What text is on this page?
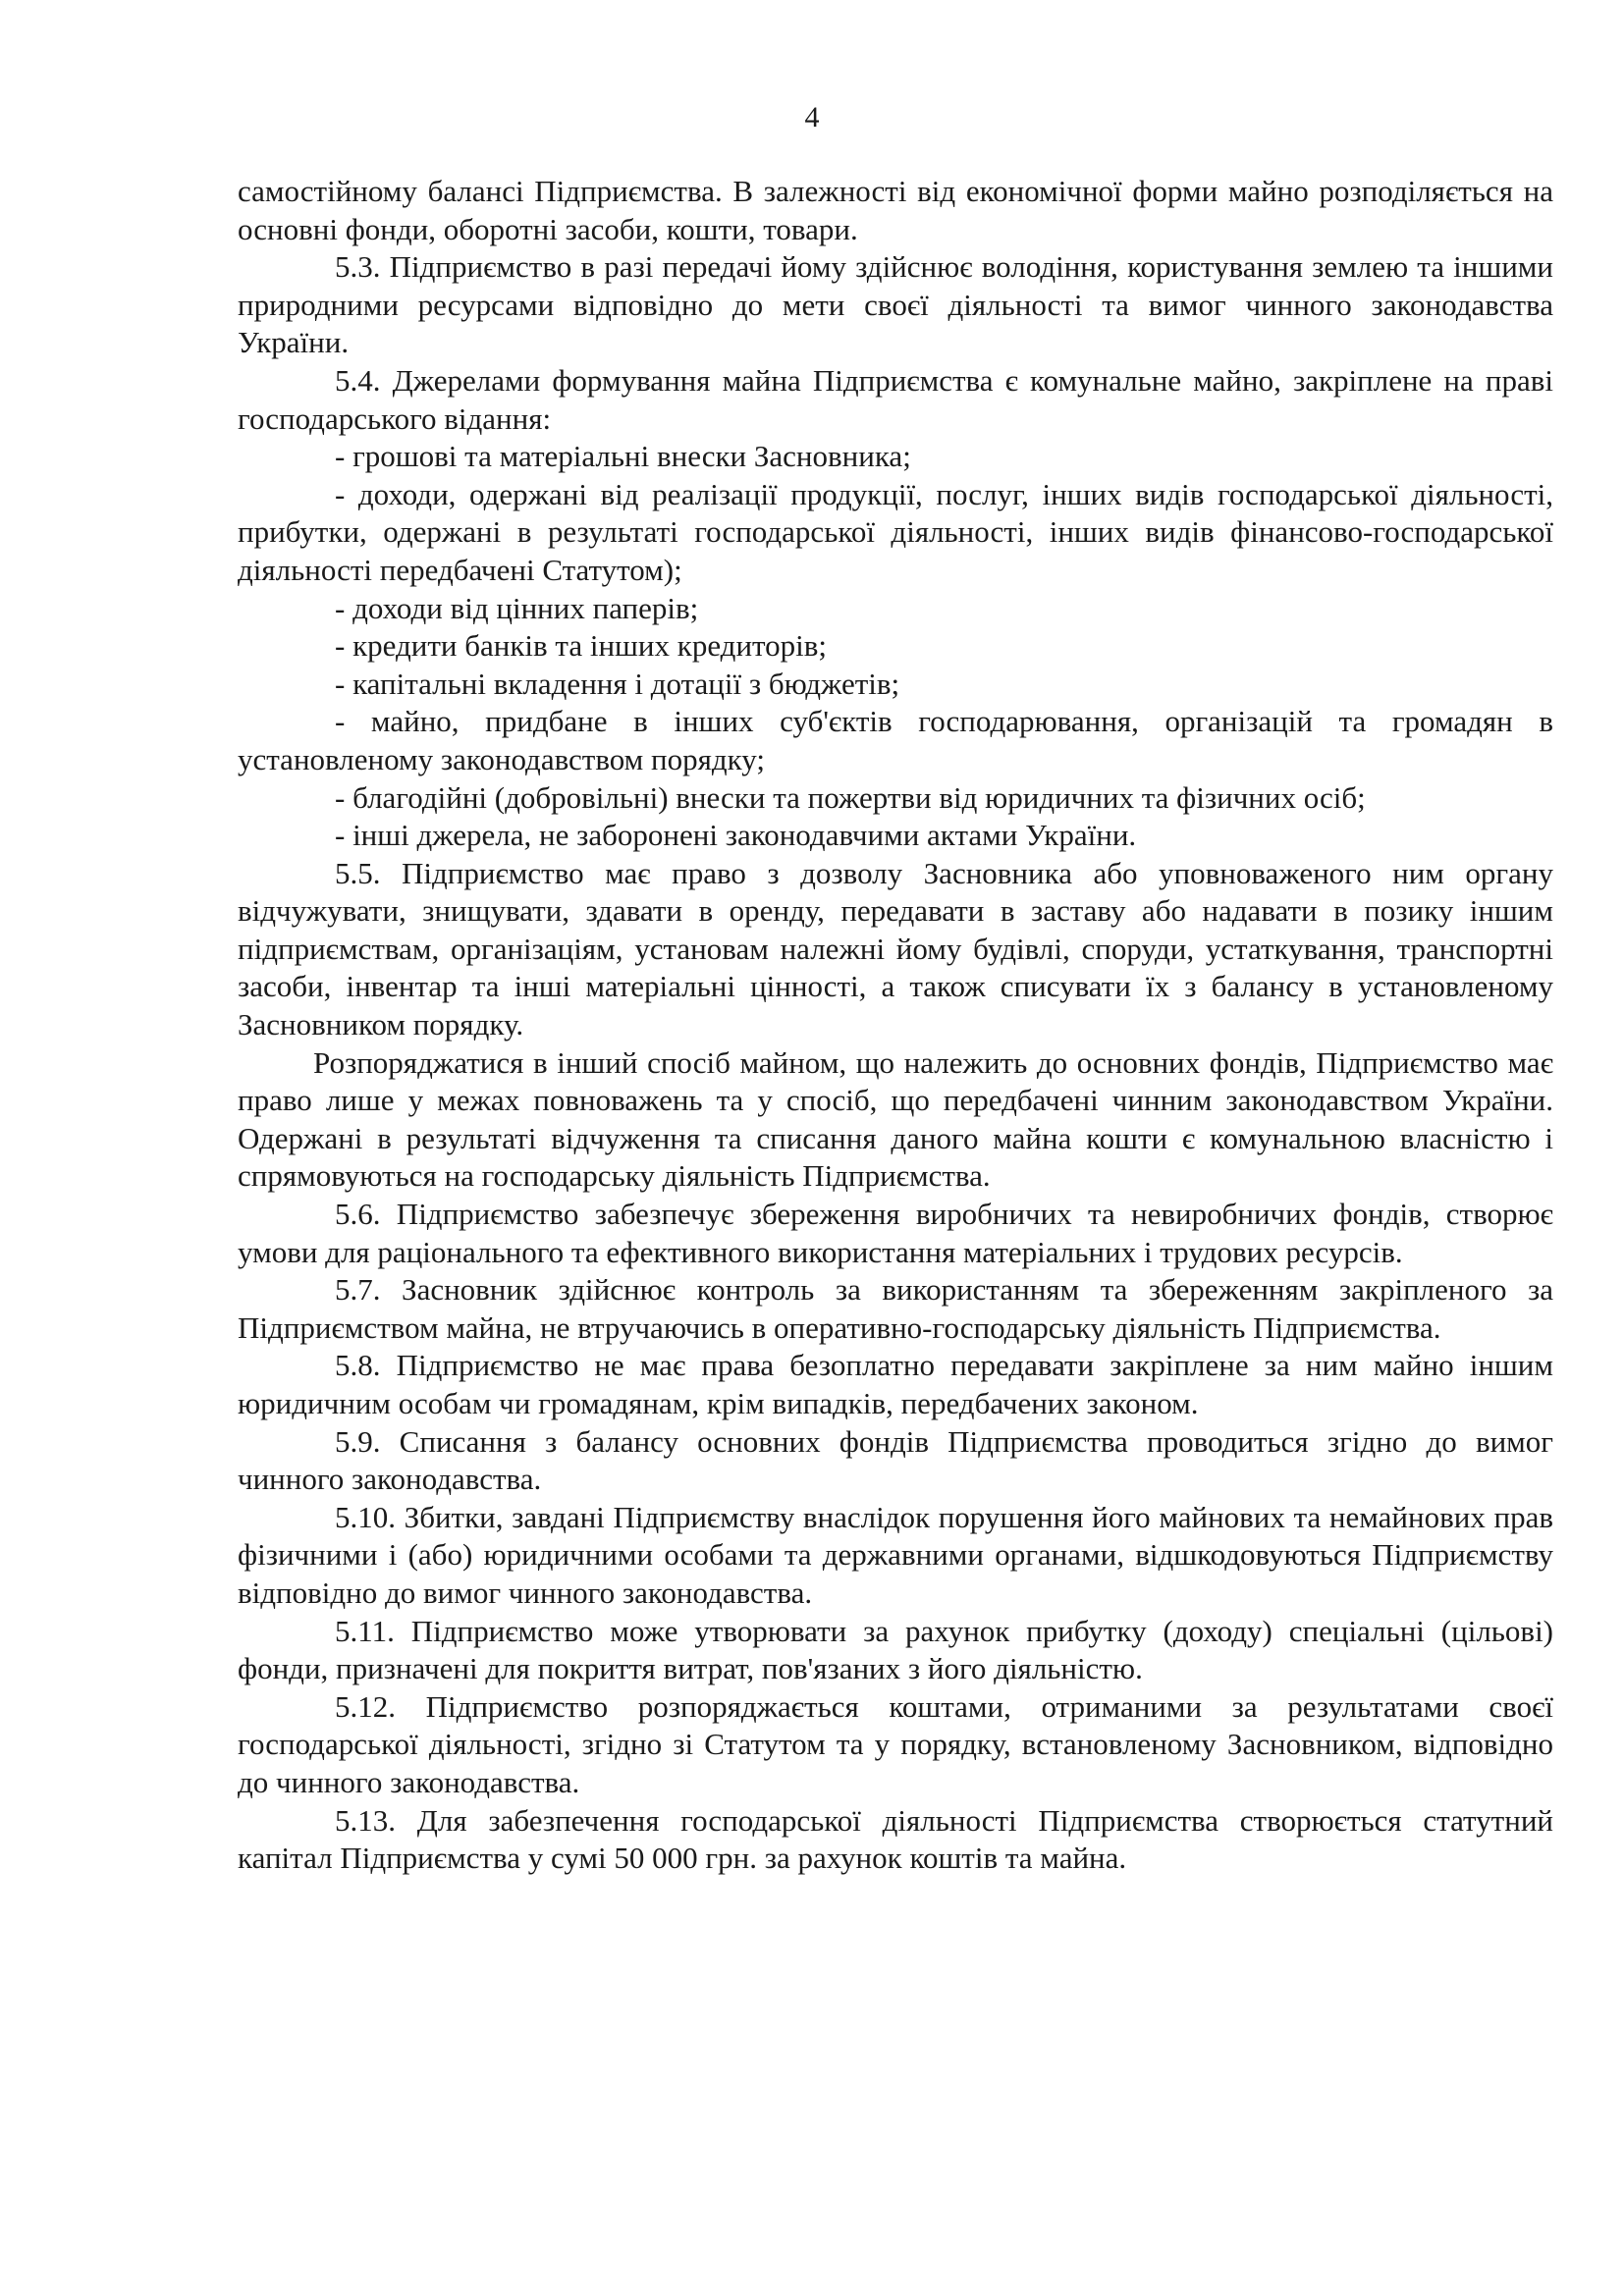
4

самостійному балансі Підприємства. В залежності від економічної форми майно розподіляється на основні фонди, оборотні засоби, кошти, товари.

5.3. Підприємство в разі передачі йому здійснює володіння, користування землею та іншими природними ресурсами відповідно до мети своєї діяльності та вимог чинного законодавства України.

5.4. Джерелами формування майна Підприємства є комунальне майно, закріплене на праві господарського відання:

- грошові та матеріальні внески Засновника;

- доходи, одержані від реалізації продукції, послуг, інших видів господарської діяльності, прибутки, одержані в результаті господарської діяльності, інших видів фінансово-господарської діяльності передбачені Статутом);

- доходи від цінних паперів;

- кредити банків та інших кредиторів;

- капітальні вкладення і дотації з бюджетів;

- майно, придбане в інших суб'єктів господарювання, організацій та громадян в установленому законодавством порядку;

- благодійні (добровільні) внески та пожертви від юридичних та фізичних осіб;

- інші джерела, не заборонені законодавчими актами України.

5.5. Підприємство має право з дозволу Засновника або уповноваженого ним органу відчужувати, знищувати, здавати в оренду, передавати в заставу або надавати в позику іншим підприємствам, організаціям, установам належні йому будівлі, споруди, устаткування, транспортні засоби, інвентар та інші матеріальні цінності, а також списувати їх з балансу в установленому Засновником порядку.

Розпоряджатися в інший спосіб майном, що належить до основних фондів, Підприємство має право лише у межах повноважень та у спосіб, що передбачені чинним законодавством України. Одержані в результаті відчуження та списання даного майна кошти є комунальною власністю і спрямовуються на господарську діяльність Підприємства.

5.6. Підприємство забезпечує збереження виробничих та невиробничих фондів, створює умови для раціонального та ефективного використання матеріальних і трудових ресурсів.

5.7. Засновник здійснює контроль за використанням та збереженням закріпленого за Підприємством майна, не втручаючись в оперативно-господарську діяльність Підприємства.

5.8. Підприємство не має права безоплатно передавати закріплене за ним майно іншим юридичним особам чи громадянам, крім випадків, передбачених законом.

5.9. Списання з балансу основних фондів Підприємства проводиться згідно до вимог чинного законодавства.

5.10. Збитки, завдані Підприємству внаслідок порушення його майнових та немайнових прав фізичними і (або) юридичними особами та державними органами, відшкодовуються Підприємству відповідно до вимог чинного законодавства.

5.11. Підприємство може утворювати за рахунок прибутку (доходу) спеціальні (цільові) фонди, призначені для покриття витрат, пов'язаних з його діяльністю.

5.12. Підприємство розпоряджається коштами, отриманими за результатами своєї господарської діяльності, згідно зі Статутом та у порядку, встановленому Засновником, відповідно до чинного законодавства.

5.13. Для забезпечення господарської діяльності Підприємства створюється статутний капітал Підприємства у сумі 50 000 грн. за рахунок коштів та майна.
